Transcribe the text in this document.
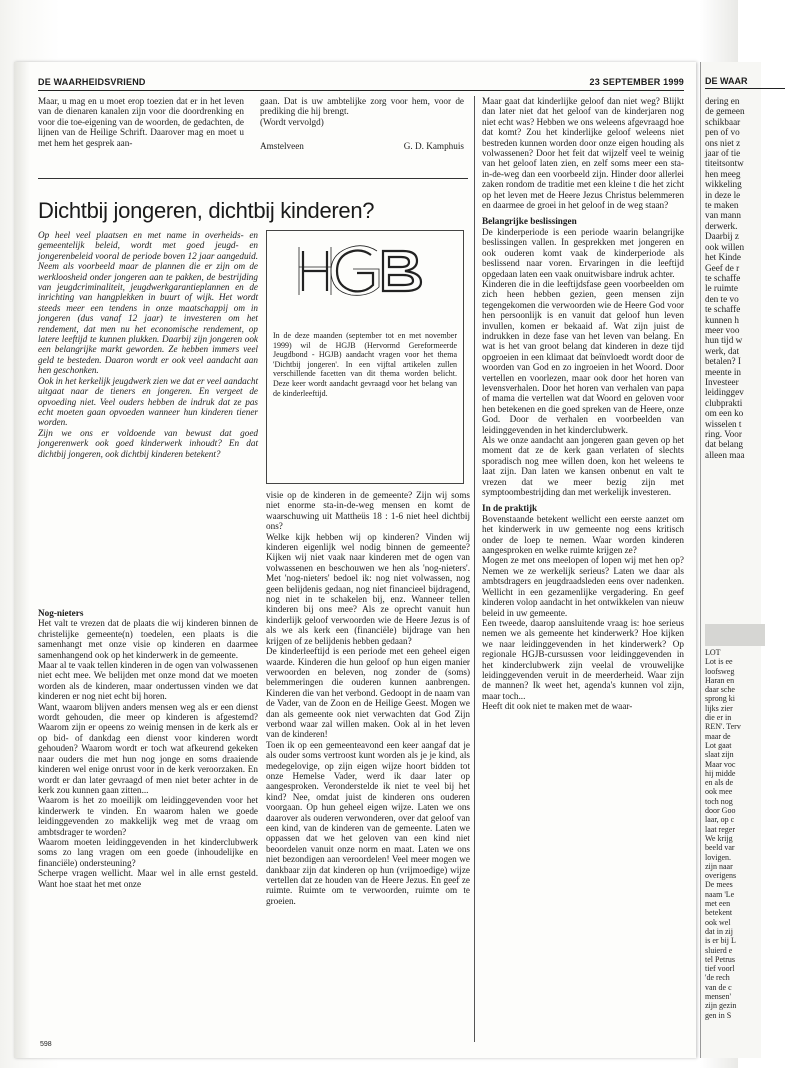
DE WAARHEIDSVRIEND	23 SEPTEMBER 1999

Maar, u mag en u moet erop toezien dat er in het leven van de dienaren kanalen zijn voor die doordrenking en voor die toe-eigening van de woorden, de gedachten, de lijnen van de Heilige Schrift. Daarover mag en moet u met hem het gesprek aan-

gaan. Dat is uw ambtelijke zorg voor hem, voor de prediking die hij brengt.

(Wordt vervolgd)

Amstelveen	G. D. Kamphuis

Dichtbij jongeren, dichtbij kinderen?

Op heel veel plaatsen en met name in overheids- en gemeentelijk beleid, wordt met goed jeugd- en jongerenbeleid vooral de periode boven 12 jaar aangeduid. Neem als voorbeeld maar de plannen die er zijn om de werkloosheid onder jongeren aan te pakken, de bestrijding van jeugdcriminaliteit, jeugdwerkgarantieplannen en de inrichting van hangplekken in buurt of wijk. Het wordt steeds meer een tendens in onze maatschappij om in jongeren (dus vanaf 12 jaar) te investeren om het rendement, dat men nu het economische rendement, op latere leeftijd te kunnen plukken. Daarbij zijn jongeren ook een belangrijke markt geworden. Ze hebben immers veel geld te besteden. Daaron wordt er ook veel aandacht aan hen geschonken.

Ook in het kerkelijk jeugdwerk zien we dat er veel aandacht uitgaat naar de tieners en jongeren. En vergeet de opvoeding niet. Veel ouders hebben de indruk dat ze pas echt moeten gaan opvoeden wanneer hun kinderen tiener worden.

Zijn we ons er voldoende van bewust dat goed jongerenwerk ook goed kinderwerk inhoudt? En dat dichtbij jongeren, ook dichtbij kinderen betekent?

Nog-nieters

Het valt te vrezen dat de plaats die wij kinderen binnen de christelijke gemeente(n) toedelen, een plaats is die samenhangt met onze visie op kinderen en daarmee samenhangend ook op het kinderwerk in de gemeente.

Maar al te vaak tellen kinderen in de ogen van volwassenen niet echt mee. We belijden met onze mond dat we moeten worden als de kinderen, maar ondertussen vinden we dat kinderen er nog niet echt bij horen.

Want, waarom blijven anders mensen weg als er een dienst wordt gehouden, die meer op kinderen is afgestemd? Waarom zijn er opeens zo weinig mensen in de kerk als er op bid- of dankdag een dienst voor kinderen wordt gehouden? Waarom wordt er toch wat afkeurend gekeken naar ouders die met hun nog jonge en soms draaiende kinderen wel enige onrust voor in de kerk veroorzaken. En wordt er dan later gevraagd of men niet beter achter in de kerk zou kunnen gaan zitten...

Waarom is het zo moeilijk om leidinggevenden voor het kinderwerk te vinden. En waarom halen we goede leidinggevenden zo makkelijk weg met de vraag om ambtsdrager te worden?

Waarom moeten leidinggevenden in het kinderclubwerk soms zo lang vragen om een goede (inhoudelijke en financiële) ondersteuning?

Scherpe vragen wellicht. Maar wel in alle ernst gesteld. Want hoe staat het met onze

In de deze maanden (september tot en met november 1999) wil de HGJB (Hervormd Gereformeerde Jeugdbond - HGJB) aandacht vragen voor het thema 'Dichtbij jongeren'. In een vijftal artikelen zullen verschillende facetten van dit thema worden belicht. Deze keer wordt aandacht gevraagd voor het belang van de kinderleeftijd.

visie op de kinderen in de gemeente? Zijn wij soms niet enorme sta-in-de-weg mensen en komt de waarschuwing uit Mattheüs 18 : 1-6 niet heel dichtbij ons?

Welke kijk hebben wij op kinderen? Vinden wij kinderen eigenlijk wel nodig binnen de gemeente? Kijken wij niet vaak naar kinderen met de ogen van volwassenen en beschouwen we hen als 'nog-nieters'. Met 'nog-nieters' bedoel ik: nog niet volwassen, nog geen belijdenis gedaan, nog niet financieel bijdragend, nog niet in te schakelen bij, enz. Wanneer tellen kinderen bij ons mee? Als ze oprecht vanuit hun kinderlijk geloof verwoorden wie de Heere Jezus is of als we als kerk een (financiële) bijdrage van hen krijgen of ze belijdenis hebben gedaan?

De kinderleeftijd is een periode met een geheel eigen waarde. Kinderen die hun geloof op hun eigen manier verwoorden en beleven, nog zonder de (soms) belemmeringen die ouderen kunnen aanbrengen. Kinderen die van het verbond. Gedoopt in de naam van de Vader, van de Zoon en de Heilige Geest. Mogen we dan als gemeente ook niet verwachten dat God Zijn verbond waar zal willen maken. Ook al in het leven van de kinderen!

Toen ik op een gemeenteavond een keer aangaf dat je als ouder soms vertroost kunt worden als je je kind, als medegelovige, op zijn eigen wijze hoort bidden tot onze Hemelse Vader, werd ik daar later op aangesproken. Veronderstelde ik niet te veel bij het kind? Nee, omdat juist de kinderen ons ouderen voorgaan. Op hun geheel eigen wijze. Laten we ons daarover als ouderen verwonderen, over dat geloof van een kind, van de kinderen van de gemeente. Laten we oppassen dat we het geloven van een kind niet beoordelen vanuit onze norm en maat. Laten we ons niet bezondigen aan veroordelen! Veel meer mogen we dankbaar zijn dat kinderen op hun (vrijmoedige) wijze vertellen dat ze houden van de Heere Jezus. En geef ze ruimte. Ruimte om te verwoorden, ruimte om te groeien.

Maar gaat dat kinderlijke geloof dan niet weg? Blijkt dan later niet dat het geloof van de kinderjaren nog niet echt was? Hebben we ons weleens afgevraagd hoe dat komt? Zou het kinderlijke geloof weleens niet bestreden kunnen worden door onze eigen houding als volwassenen? Door het feit dat wijzelf veel te weinig van het geloof laten zien, en zelf soms meer een sta-in-de-weg dan een voorbeeld zijn. Hinder door allerlei zaken rondom de traditie met een kleine t die het zicht op het leven met de Heere Jezus Christus belemmeren en daarmee de groei in het geloof in de weg staan?

Belangrijke beslissingen

De kinderperiode is een periode waarin belangrijke beslissingen vallen. In gesprekken met jongeren en ook ouderen komt vaak de kinderperiode als beslissend naar voren. Ervaringen in die leeftijd opgedaan laten een vaak onuitwisbare indruk achter.

Kinderen die in die leeftijdsfase geen voorbeelden om zich heen hebben gezien, geen mensen zijn tegengekomen die verwoorden wie de Heere God voor hen persoonlijk is en vanuit dat geloof hun leven invullen, komen er bekaaid af. Wat zijn juist de indrukken in deze fase van het leven van belang. En wat is het van groot belang dat kinderen in deze tijd opgroeien in een klimaat dat beïnvloedt wordt door de woorden van God en zo ingroeien in het Woord. Door vertellen en voorlezen, maar ook door het horen van levensverhalen. Door het horen van verhalen van papa of mama die vertellen wat dat Woord en geloven voor hen betekenen en die goed spreken van de Heere, onze God. Door de verhalen en voorbeelden van leidinggevenden in het kinderclubwerk.

Als we onze aandacht aan jongeren gaan geven op het moment dat ze de kerk gaan verlaten of slechts sporadisch nog mee willen doen, kon het weleens te laat zijn. Dan laten we kansen onbenut en valt te vrezen dat we meer bezig zijn met symptoombestrijding dan met werkelijk investeren.

In de praktijk

Bovenstaande betekent wellicht een eerste aanzet om het kinderwerk in uw gemeente nog eens kritisch onder de loep te nemen. Waar worden kinderen aangesproken en welke ruimte krijgen ze?

Mogen ze met ons meelopen of lopen wij met hen op? Nemen we ze werkelijk serieus? Laten we daar als ambtsdragers en jeugdraadsleden eens over nadenken. Wellicht in een gezamenlijke vergadering. En geef kinderen volop aandacht in het ontwikkelen van nieuw beleid in uw gemeente.

Een tweede, daarop aansluitende vraag is: hoe serieus nemen we als gemeente het kinderwerk? Hoe kijken we naar leidinggevenden in het kinderwerk? Op regionale HGJB-cursussen voor leidinggevenden in het kinderclubwerk zijn veelal de vrouwelijke leidinggevenden veruit in de meerderheid. Waar zijn de mannen? Ik weet het, agenda's kunnen vol zijn, maar toch...

Heeft dit ook niet te maken met de waar-

598
DE WAAR
dering en
de gemeen
schikbaar
pen of vo
ons niet z
jaar of tie
titeitsontw
hen meeg
wikkeling
in deze le
te maken
van mann
derwerk.
Daarbij z
ook willen
het Kinde
Geef de r
te schaffe
le ruimte
den te vo
te schaffe
kunnen h
meer voo
hun tijd w
werk, dat
betalen? I
meente in
Investeer
leidinggev
clubprakti
om een ko
wisselen t
ring. Voor
dat belang
alleen maa
LOT
Lot is ee
loofsweg
Haran en
daar sche
sprong ki
lijks zier
die er in
REN'. Terv
maar de
Lot gaat
slaat zijn
Maar voc
hij midde
en als de
ook mee
toch nog
door Goo
laar, op c
laat reger
We krijg
beeld var
lovigen.
zijn naar
overigens
De mees
naam 'Le
met een
betekent
ook wel
dat in zij
is er bij L
sluierd e
tel Petrus
tief voorl
'de rech
van de c
mensen'
zijn gezin
gen in S
